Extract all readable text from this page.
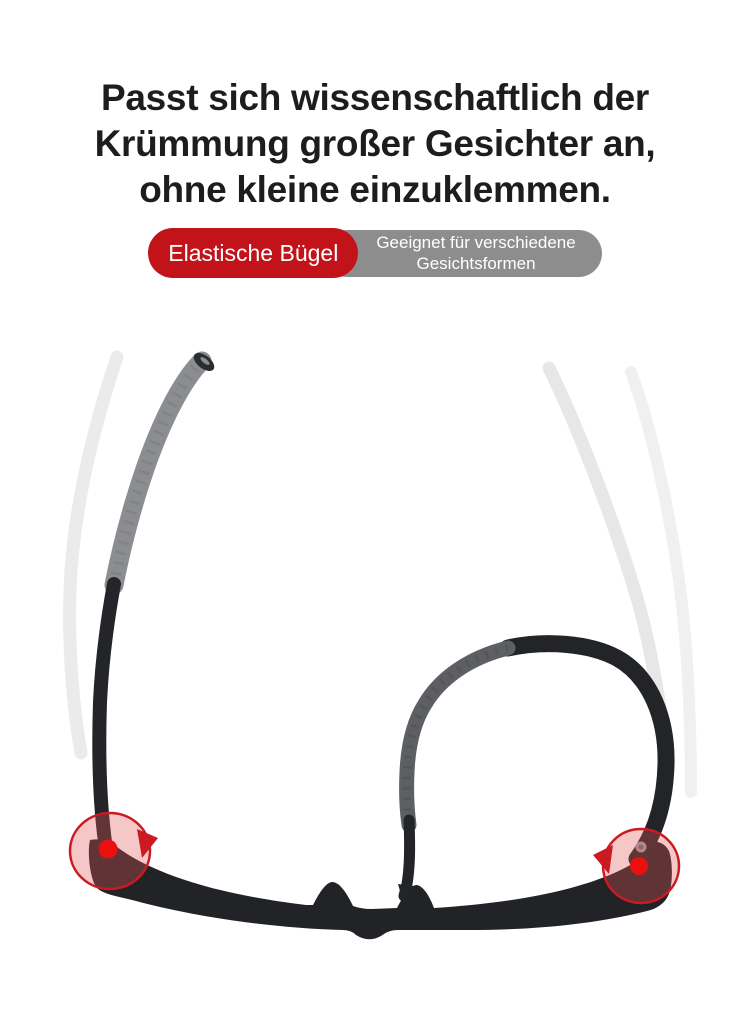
Passt sich wissenschaftlich der
Krümmung großer Gesichter an,
ohne kleine einzuklemmen.
Elastische Bügel	Geeignet für verschiedene
Gesichtsformen
